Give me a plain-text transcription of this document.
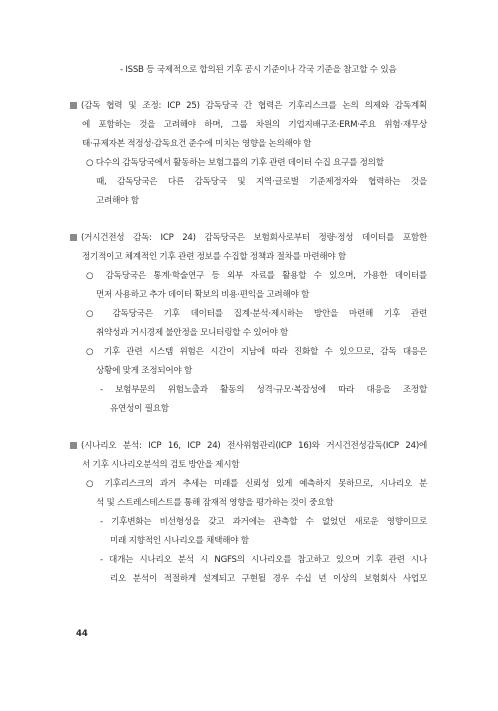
- ISSB 등 국제적으로 합의된 기후 공시 기준이나 각국 기준을 참고할 수 있음
(감독 협력 및 조정: ICP 25) 감독당국 간 협력은 기후리스크를 논의 의제와 감독계획
에 포함하는 것을 고려해야 하며, 그룹 차원의 기업지배구조·ERM·주요 위험·재무상
태·규제자본 적정성·감독요건 준수에 미치는 영향을 논의해야 함
○ 다수의 감독당국에서 활동하는 보험그룹의 기후 관련 데이터 수집 요구를 정의할
때, 감독당국은 다른 감독당국 및 지역·글로벌 기준제정자와 협력하는 것을
고려해야 함
(거시건전성 감독: ICP 24) 감독당국은 보험회사로부터 정량·정성 데이터를 포함한
정기적이고 체계적인 기후 관련 정보를 수집할 정책과 절차를 마련해야 함
○ 감독당국은 통계·학술연구 등 외부 자료를 활용할 수 있으며, 가용한 데이터를
먼저 사용하고 추가 데이터 확보의 비용·편익을 고려해야 함
○ 감독당국은 기후 데이터를 집계·분석·제시하는 방안을 마련해 기후 관련
취약성과 거시경제 불안정을 모니터링할 수 있어야 함
○ 기후 관련 시스템 위험은 시간이 지남에 따라 진화할 수 있으므로, 감독 대응은
상황에 맞게 조정되어야 함
- 보험부문의 위험노출과 활동의 성격·규모·복잡성에 따라 대응을 조정할
유연성이 필요함
(시나리오 분석: ICP 16, ICP 24) 전사위험관리(ICP 16)와 거시건전성감독(ICP 24)에
서 기후 시나리오분석의 검토 방안을 제시함
○ 기후리스크의 과거 추세는 미래를 신뢰성 있게 예측하지 못하므로, 시나리오 분
석 및 스트레스테스트를 통해 잠재적 영향을 평가하는 것이 중요함
- 기후변화는 비선형성을 갖고 과거에는 관측할 수 없었던 새로운 영향이므로
미래 지향적인 시나리오를 채택해야 함
- 대개는 시나리오 분석 시 NGFS의 시나리오를 참고하고 있으며 기후 관련 시나
리오 분석이 적절하게 설계되고 구현될 경우 수십 년 이상의 보험회사 사업모
44
